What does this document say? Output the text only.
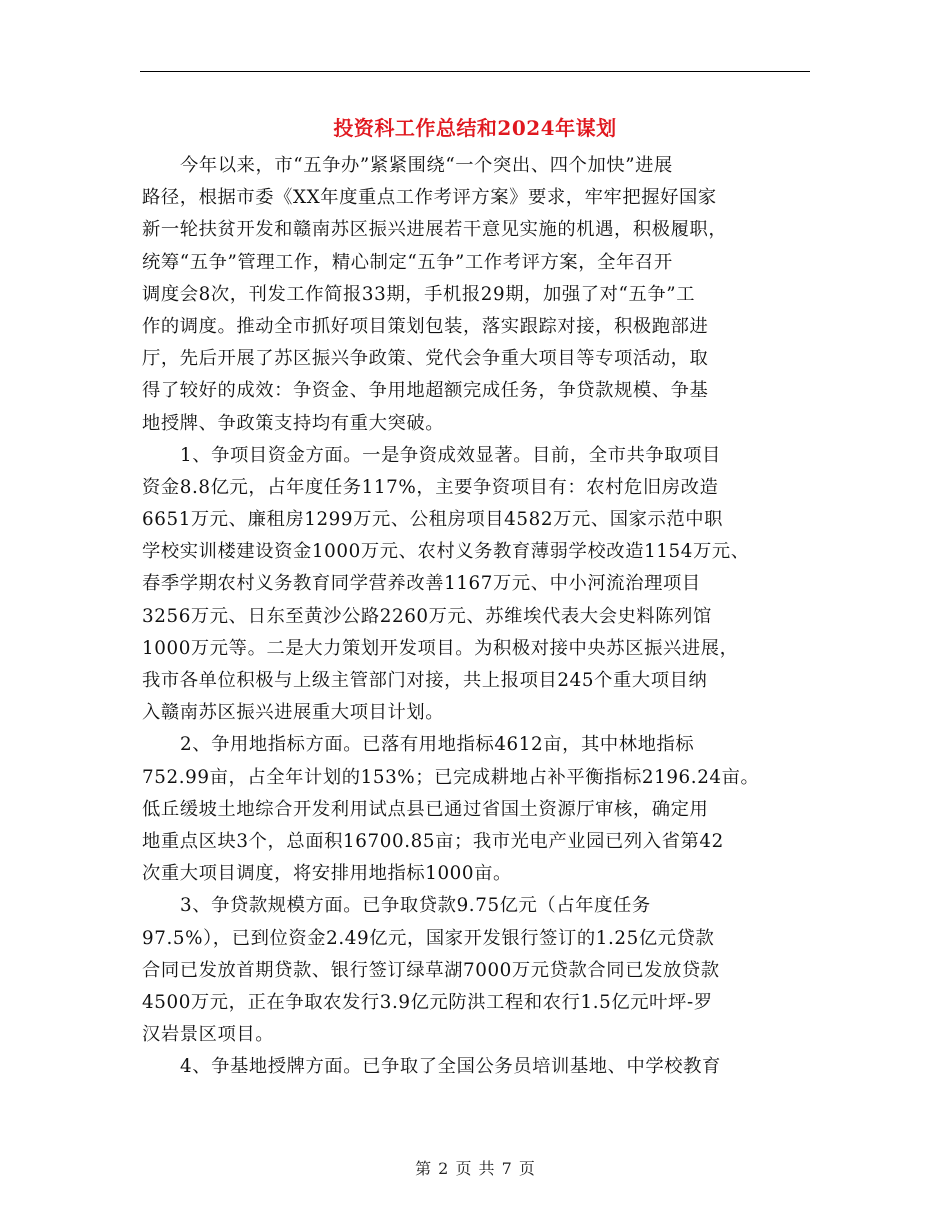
投资科工作总结和2024年谋划
今年以来，市“五争办”紧紧围绕“一个突出、四个加快”进展
路径，根据市委《XX年度重点工作考评方案》要求，牢牢把握好国家
新一轮扶贫开发和赣南苏区振兴进展若干意见实施的机遇，积极履职，
统筹“五争”管理工作，精心制定“五争”工作考评方案，全年召开
调度会8次，刊发工作简报33期，手机报29期，加强了对“五争”工
作的调度。推动全市抓好项目策划包装，落实跟踪对接，积极跑部进
厅，先后开展了苏区振兴争政策、党代会争重大项目等专项活动，取
得了较好的成效：争资金、争用地超额完成任务，争贷款规模、争基
地授牌、争政策支持均有重大突破。
1、争项目资金方面。一是争资成效显著。目前，全市共争取项目
资金8.8亿元，占年度任务117%，主要争资项目有：农村危旧房改造
6651万元、廉租房1299万元、公租房项目4582万元、国家示范中职
学校实训楼建设资金1000万元、农村义务教育薄弱学校改造1154万元、
春季学期农村义务教育同学营养改善1167万元、中小河流治理项目
3256万元、日东至黄沙公路2260万元、苏维埃代表大会史料陈列馆
1000万元等。二是大力策划开发项目。为积极对接中央苏区振兴进展，
我市各单位积极与上级主管部门对接，共上报项目245个重大项目纳
入赣南苏区振兴进展重大项目计划。
2、争用地指标方面。已落有用地指标4612亩，其中林地指标
752.99亩，占全年计划的153%；已完成耕地占补平衡指标2196.24亩。
低丘缓坡土地综合开发利用试点县已通过省国土资源厅审核，确定用
地重点区块3个，总面积16700.85亩；我市光电产业园已列入省第42
次重大项目调度，将安排用地指标1000亩。
3、争贷款规模方面。已争取贷款9.75亿元（占年度任务
97.5%），已到位资金2.49亿元，国家开发银行签订的1.25亿元贷款
合同已发放首期贷款、银行签订绿草湖7000万元贷款合同已发放贷款
4500万元，正在争取农发行3.9亿元防洪工程和农行1.5亿元叶坪-罗
汉岩景区项目。
4、争基地授牌方面。已争取了全国公务员培训基地、中学校教育
第 2 页 共 7 页
